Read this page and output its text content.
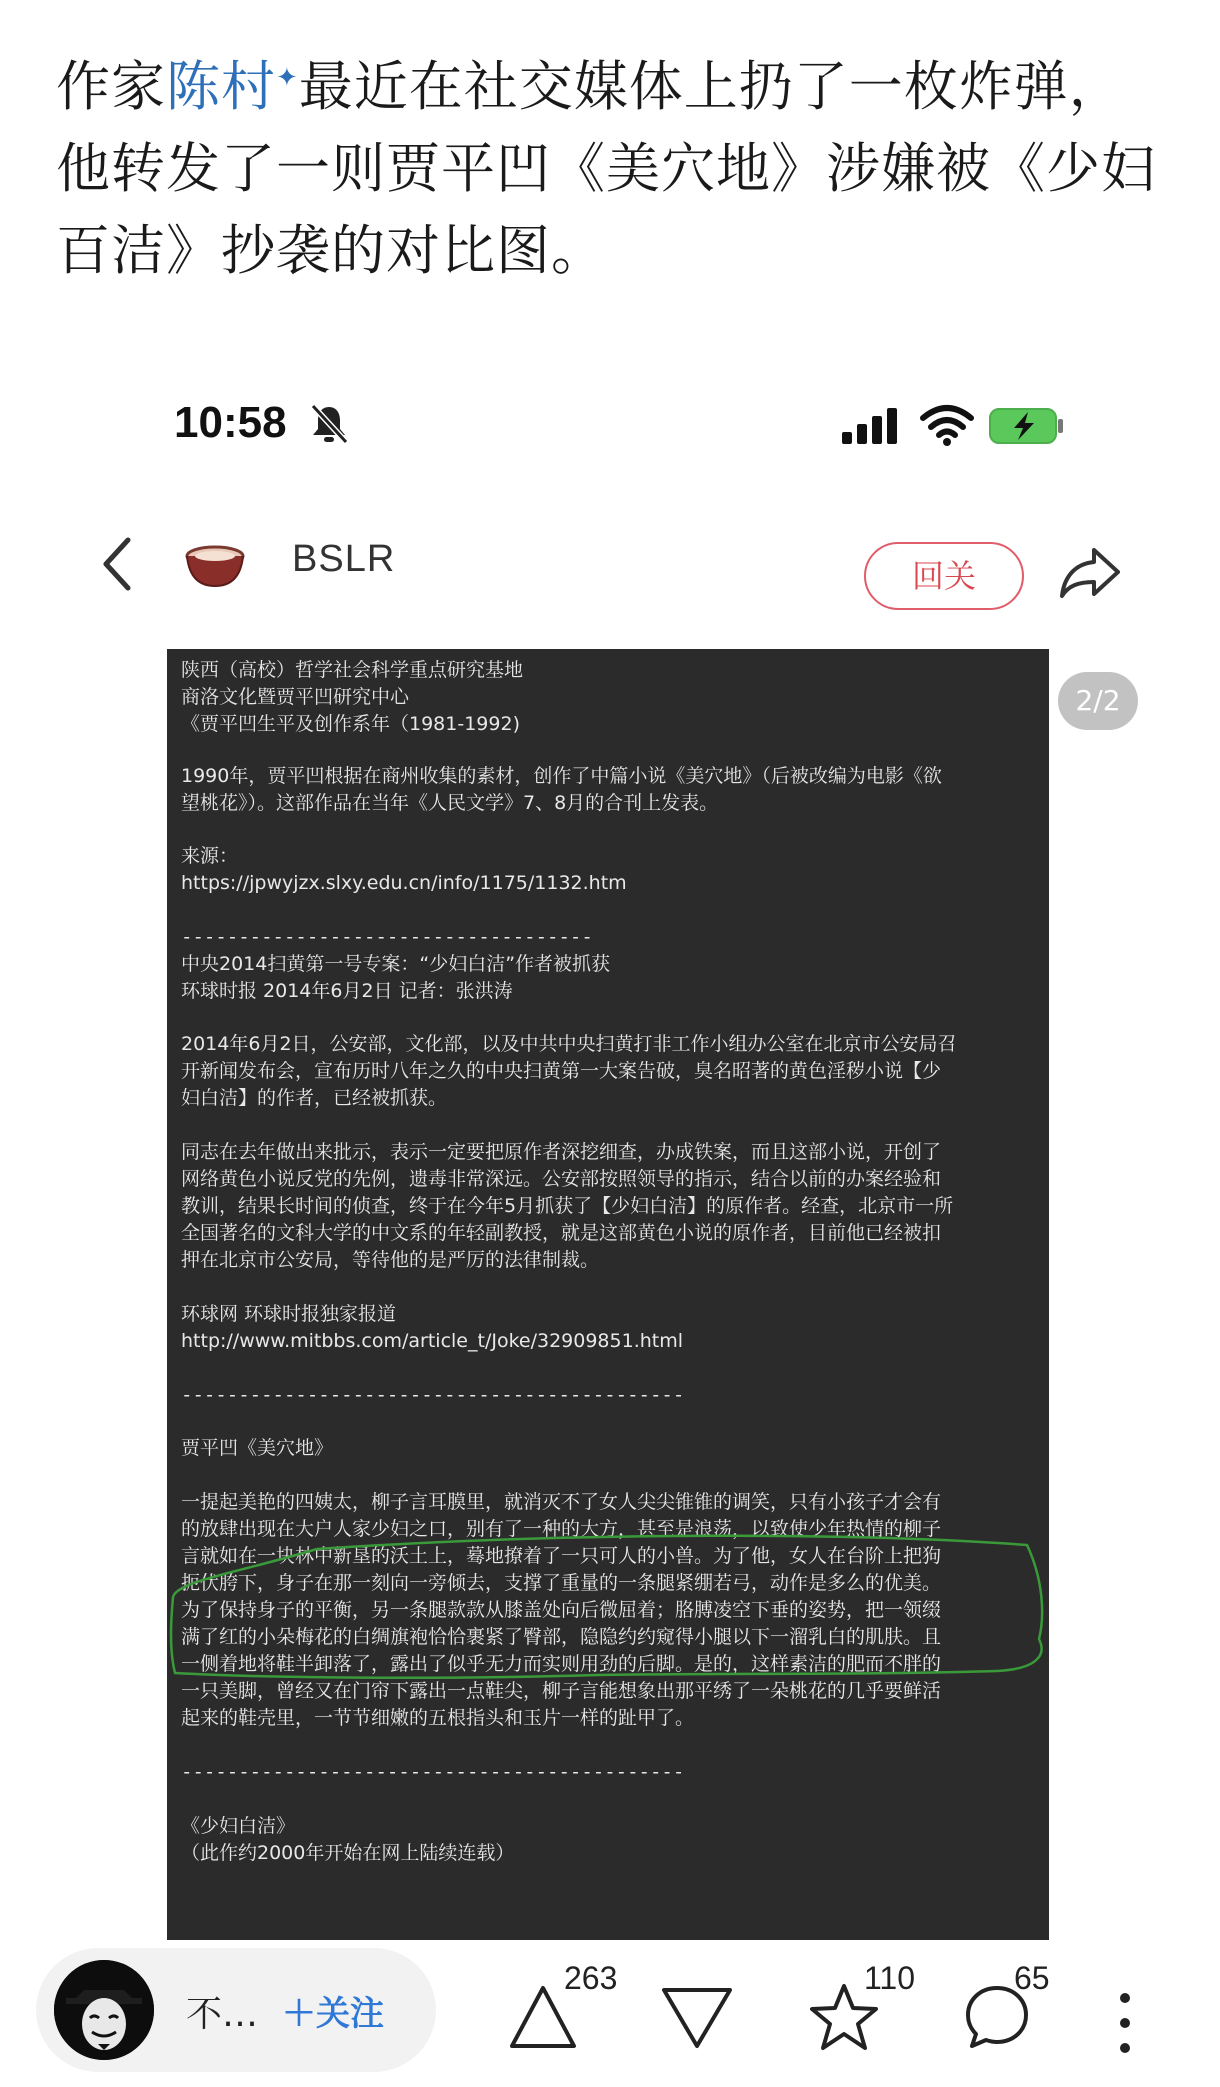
作家陈村✦最近在社交媒体上扔了一枚炸弹，他转发了一则贾平凹《美穴地》涉嫌被《少妇百洁》抄袭的对比图。
10:58
BSLR	回关
（此作约2000年开始在网上陆续连载）
《少妇白洁》
--------------------------------------------
起来的鞋壳里，一节节细嫩的五根指头和玉片一样的趾甲了。
一只美脚，曾经又在门帘下露出一点鞋尖，柳子言能想象出那平绣了一朵桃花的几乎要鲜活
一侧着地将鞋半卸落了，露出了似乎无力而实则用劲的后脚。是的，这样素洁的肥而不胖的
满了红的小朵梅花的白绸旗袍恰恰裹紧了臀部，隐隐约约窥得小腿以下一溜乳白的肌肤。且
为了保持身子的平衡，另一条腿款款从膝盖处向后微屈着；胳膊凌空下垂的姿势，把一领缀
扼伏胯下，身子在那一刻向一旁倾去，支撑了重量的一条腿紧绷若弓，动作是多么的优美。
言就如在一块林中新垦的沃土上，蓦地撩着了一只可人的小兽。为了他，女人在台阶上把狗
的放肆出现在大户人家少妇之口，别有了一种的大方，甚至是浪荡，以致使少年热情的柳子
一提起美艳的四姨太，柳子言耳膜里，就消灭不了女人尖尖锥锥的调笑，只有小孩子才会有
贾平凹《美穴地》
--------------------------------------------
http://www.mitbbs.com/article_t/Joke/32909851.html
环球网 环球时报独家报道
押在北京市公安局，等待他的是严厉的法律制裁。
全国著名的文科大学的中文系的年轻副教授，就是这部黄色小说的原作者，目前他已经被扣
教训，结果长时间的侦查，终于在今年5月抓获了【少妇白洁】的原作者。经查，北京市一所
网络黄色小说反党的先例，遗毒非常深远。公安部按照领导的指示，结合以前的办案经验和
同志在去年做出来批示，表示一定要把原作者深挖细查，办成铁案，而且这部小说，开创了
妇白洁】的作者，已经被抓获。
开新闻发布会，宣布历时八年之久的中央扫黄第一大案告破，臭名昭著的黄色淫秽小说【少
2014年6月2日，公安部，文化部，以及中共中央扫黄打非工作小组办公室在北京市公安局召
环球时报 2014年6月2日 记者：张洪涛
中央2014扫黄第一号专案：“少妇白洁”作者被抓获
------------------------------------
https://jpwyjzx.slxy.edu.cn/info/1175/1132.htm
来源：
望桃花》）。这部作品在当年《人民文学》7、8月的合刊上发表。
1990年，贾平凹根据在商州收集的素材，创作了中篇小说《美穴地》（后被改编为电影《欲
《贾平凹生平及创作系年（1981-1992)
商洛文化暨贾平凹研究中心
陕西（高校）哲学社会科学重点研究基地
2/2
不… ＋关注
263	110	65
